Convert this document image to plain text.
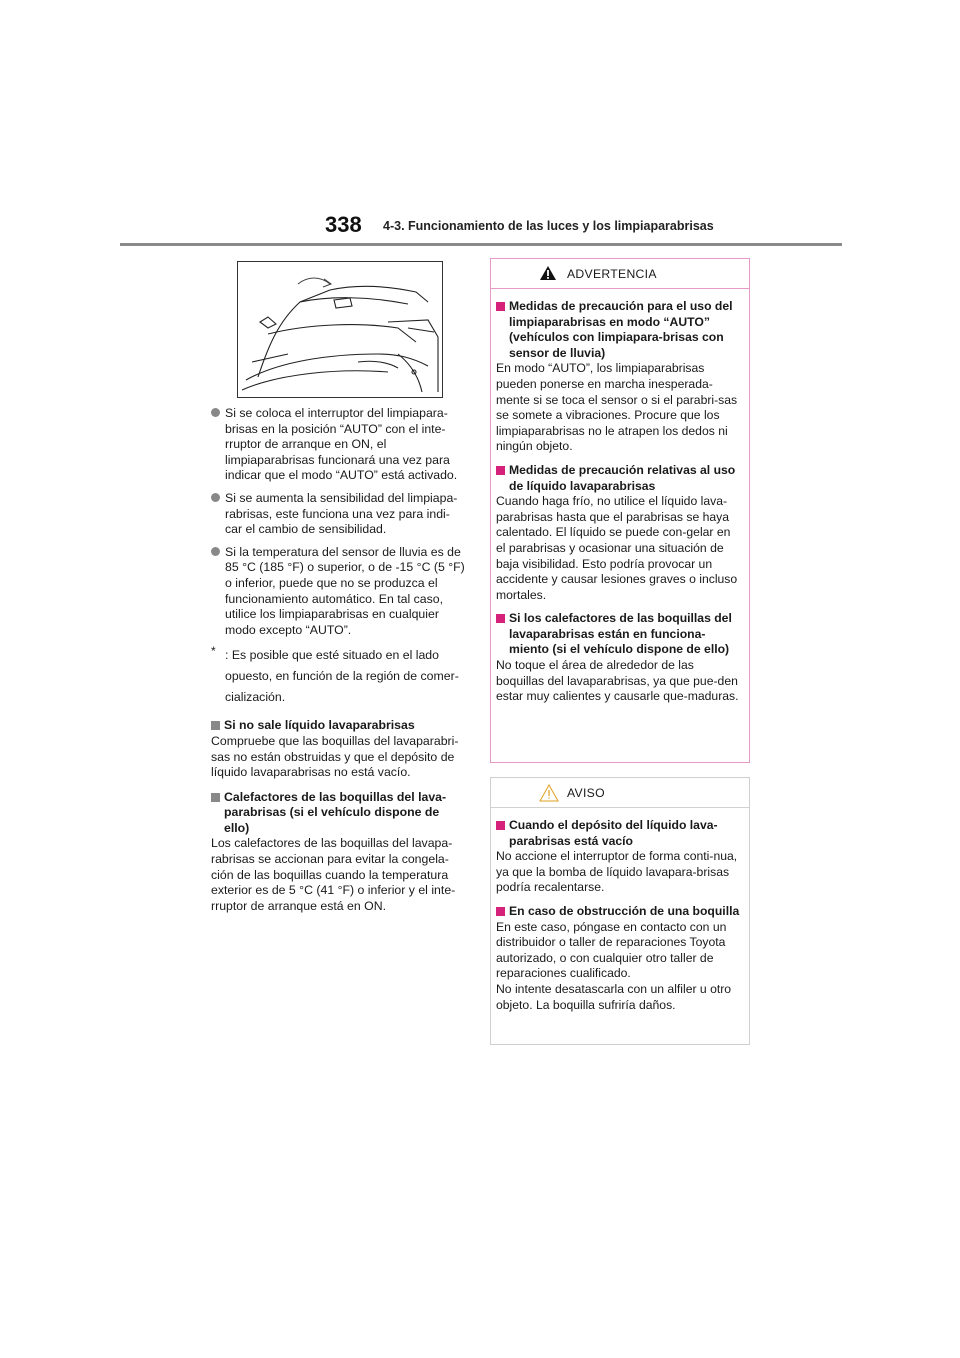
338 4-3. Funcionamiento de las luces y los limpiaparabrisas
Si se coloca el interruptor del limpiapara-brisas en la posición “AUTO” con el inte-rruptor de arranque en ON, el limpiaparabrisas funcionará una vez para indicar que el modo “AUTO” está activado.
Si se aumenta la sensibilidad del limpiapa-rabrisas, este funciona una vez para indi-car el cambio de sensibilidad.
Si la temperatura del sensor de lluvia es de 85 °C (185 °F) o superior, o de -15 °C (5 °F) o inferior, puede que no se produzca el funcionamiento automático. En tal caso, utilice los limpiaparabrisas en cualquier modo excepto “AUTO”.
* : Es posible que esté situado en el lado opuesto, en función de la región de comer-cialización.
Si no sale líquido lavaparabrisas
Compruebe que las boquillas del lavaparabri-sas no están obstruidas y que el depósito de líquido lavaparabrisas no está vacío.
Calefactores de las boquillas del lava-parabrisas (si el vehículo dispone de ello)
Los calefactores de las boquillas del lavapa-rabrisas se accionan para evitar la congela-ción de las boquillas cuando la temperatura exterior es de 5 °C (41 °F) o inferior y el inte-rruptor de arranque está en ON.
ADVERTENCIA
Medidas de precaución para el uso del limpiaparabrisas en modo “AUTO” (vehículos con limpiapara-brisas con sensor de lluvia)
En modo “AUTO”, los limpiaparabrisas pueden ponerse en marcha inesperada-mente si se toca el sensor o si el parabri-sas se somete a vibraciones. Procure que los limpiaparabrisas no le atrapen los dedos ni ningún objeto.
Medidas de precaución relativas al uso de líquido lavaparabrisas
Cuando haga frío, no utilice el líquido lava-parabrisas hasta que el parabrisas se haya calentado. El líquido se puede con-gelar en el parabrisas y ocasionar una situación de baja visibilidad. Esto podría provocar un accidente y causar lesiones graves o incluso mortales.
Si los calefactores de las boquillas del lavaparabrisas están en funciona-miento (si el vehículo dispone de ello)
No toque el área de alrededor de las boquillas del lavaparabrisas, ya que pue-den estar muy calientes y causarle que-maduras.
AVISO
Cuando el depósito del líquido lava-parabrisas está vacío
No accione el interruptor de forma conti-nua, ya que la bomba de líquido lavapara-brisas podría recalentarse.
En caso de obstrucción de una boquilla
En este caso, póngase en contacto con un distribuidor o taller de reparaciones Toyota autorizado, o con cualquier otro taller de reparaciones cualificado.
No intente desatascarla con un alfiler u otro objeto. La boquilla sufriría daños.
